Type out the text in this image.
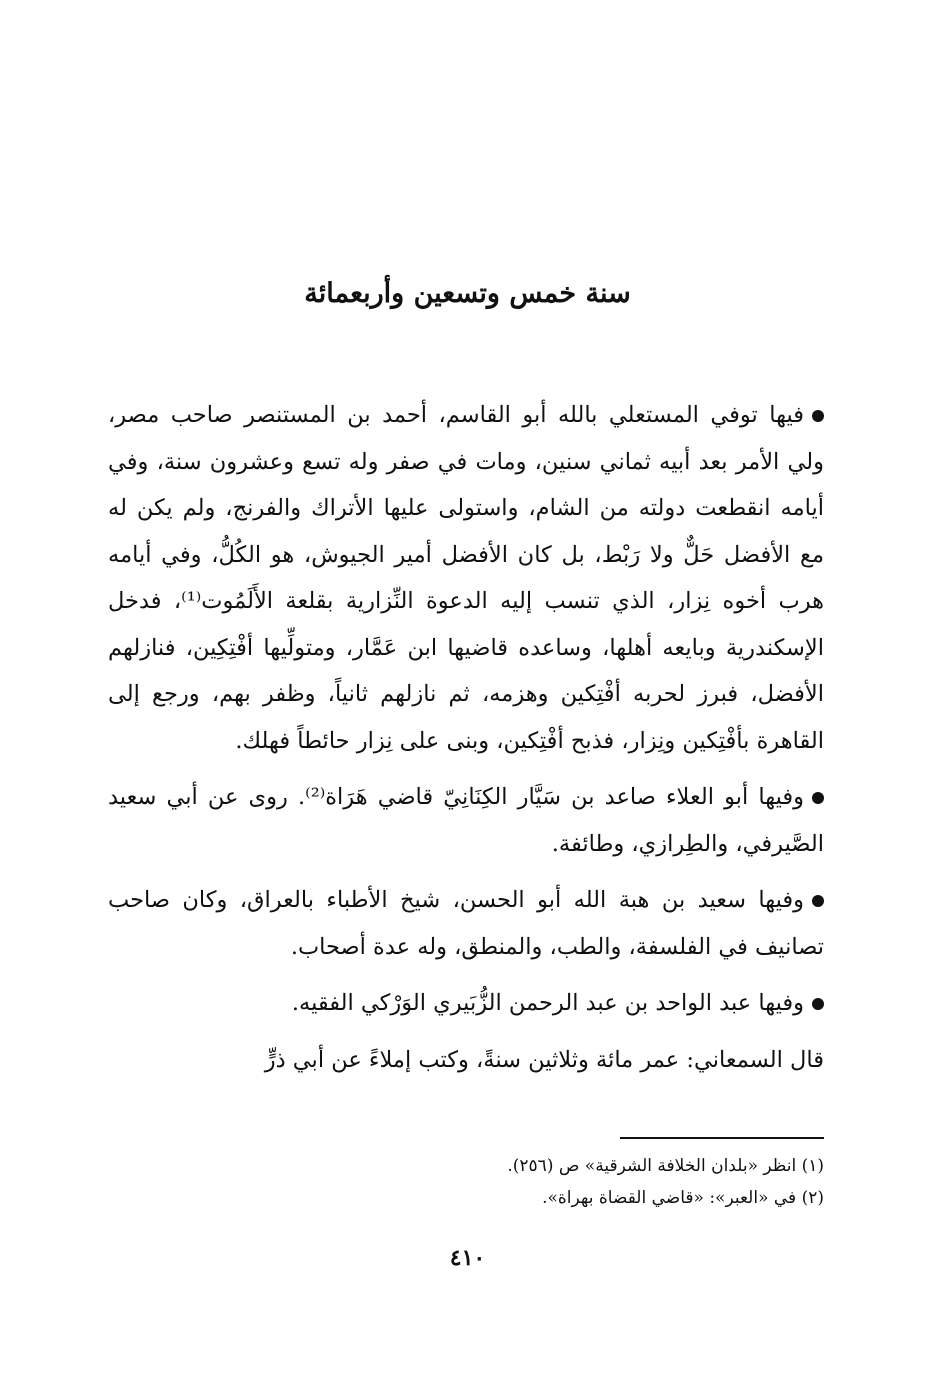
سنة خمس وتسعين وأربعمائة

فيها توفي المستعلي بالله أبو القاسم، أحمد بن المستنصر صاحب مصر، ولي الأمر بعد أبيه ثماني سنين، ومات في صفر وله تسع وعشرون سنة، وفي أيامه انقطعت دولته من الشام، واستولى عليها الأتراك والفرنج، ولم يكن له مع الأفضل حَلٌّ ولا رَبْط، بل كان الأفضل أمير الجيوش، هو الكُلُّ، وفي أيامه هرب أخوه نِزار، الذي تنسب إليه الدعوة النِّزارية بقلعة الأَلَمُوت⁽¹⁾، فدخل الإسكندرية وبايعه أهلها، وساعده قاضيها ابن عَمَّار، ومتولِّيها أفْتِكِين، فنازلهم الأفضل، فبرز لحربه أفْتِكين وهزمه، ثم نازلهم ثانياً، وظفر بهم، ورجع إلى القاهرة بأفْتِكين ونِزار، فذبح أفْتِكين، وبنى على نِزار حائطاً فهلك.

وفيها أبو العلاء صاعد بن سَيَّار الكِنَانِيّ قاضي هَرَاة⁽²⁾. روى عن أبي سعيد الصَّيرفي، والطِرازي، وطائفة.

وفيها سعيد بن هبة الله أبو الحسن، شيخ الأطباء بالعراق، وكان صاحب تصانيف في الفلسفة، والطب، والمنطق، وله عدة أصحاب.

وفيها عبد الواحد بن عبد الرحمن الزُّبَيري الوَرْكي الفقيه.

قال السمعاني: عمر مائة وثلاثين سنةً، وكتب إملاءً عن أبي ذرٍّ

(١) انظر «بلدان الخلافة الشرقية» ص (٢٥٦).

(٢) في «العبر»: «قاضي القضاة بهراة».

٤١٠
